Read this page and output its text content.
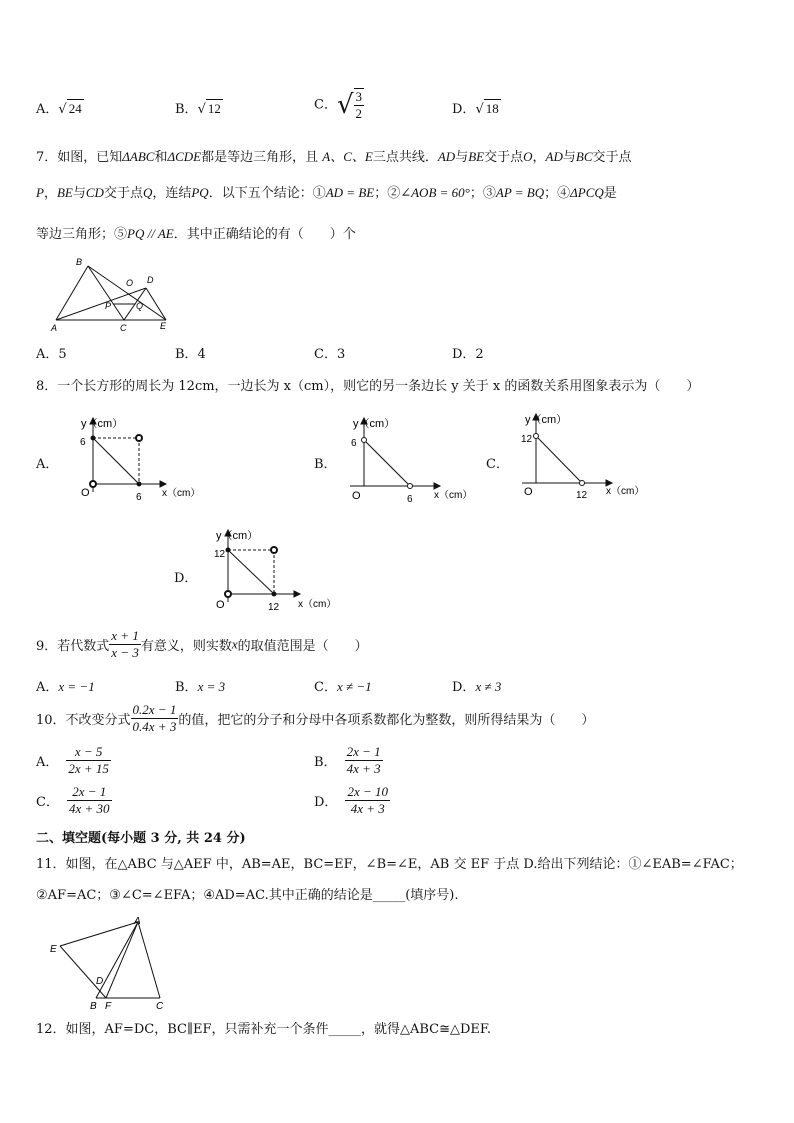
A．√ 24	B．√ 12	C．√ $\frac{3}{2}$	D．√ 18
7．如图，已知ΔABC和ΔCDE都是等边三角形，且 A、C、E三点共线．AD与BE交于点O，AD与BC交于点
P，BE与CD交于点Q，连结PQ．以下五个结论：①AD = BE；②∠AOB = 60°；③AP = BQ；④ΔPCQ是
等边三角形；⑤PQ // AE．其中正确结论的有（　　）个
B
D
O
P	Q
A	C	E
A．5	B．4	C．3	D．2
8．一个长方形的周长为 12cm，一边长为 x（cm），则它的另一条边长 y 关于 x 的函数关系用图象表示为（　　）
A．
y（cm）
6
O	6 x（cm）
B．
y（cm）
6
O	6 x（cm）
C．
y（cm）
12
O	12 x（cm）
D．
y（cm）
12
O	12 x（cm）
9．若代数式 $\frac{x + 1}{x - 3}$ 有意义，则实数x的取值范围是（　　）
A．x = −1	B．x = 3	C．x ≠ −1	D．x ≠ 3
10．不改变分式 $\frac{0.2x - 1}{0.4x + 3}$ 的值，把它的分子和分母中各项系数都化为整数，则所得结果为（　　）
A． $\frac{x - 5}{2x + 15}$	B． $\frac{2x - 1}{4x + 3}$
C． $\frac{2x - 1}{4x + 30}$	D． $\frac{2x - 10}{4x + 3}$
二、填空题(每小题 3 分, 共 24 分)
11．如图，在△ABC 与△AEF 中，AB=AE，BC=EF，∠B=∠E，AB 交 EF 于点 D.给出下列结论：①∠EAB=∠FAC；
②AF=AC；③∠C=∠EFA；④AD=AC.其中正确的结论是_____(填序号).
A
E
D
B F	C
12．如图，AF=DC，BC∥EF，只需补充一个条件_____，就得△ABC≅△DEF.
